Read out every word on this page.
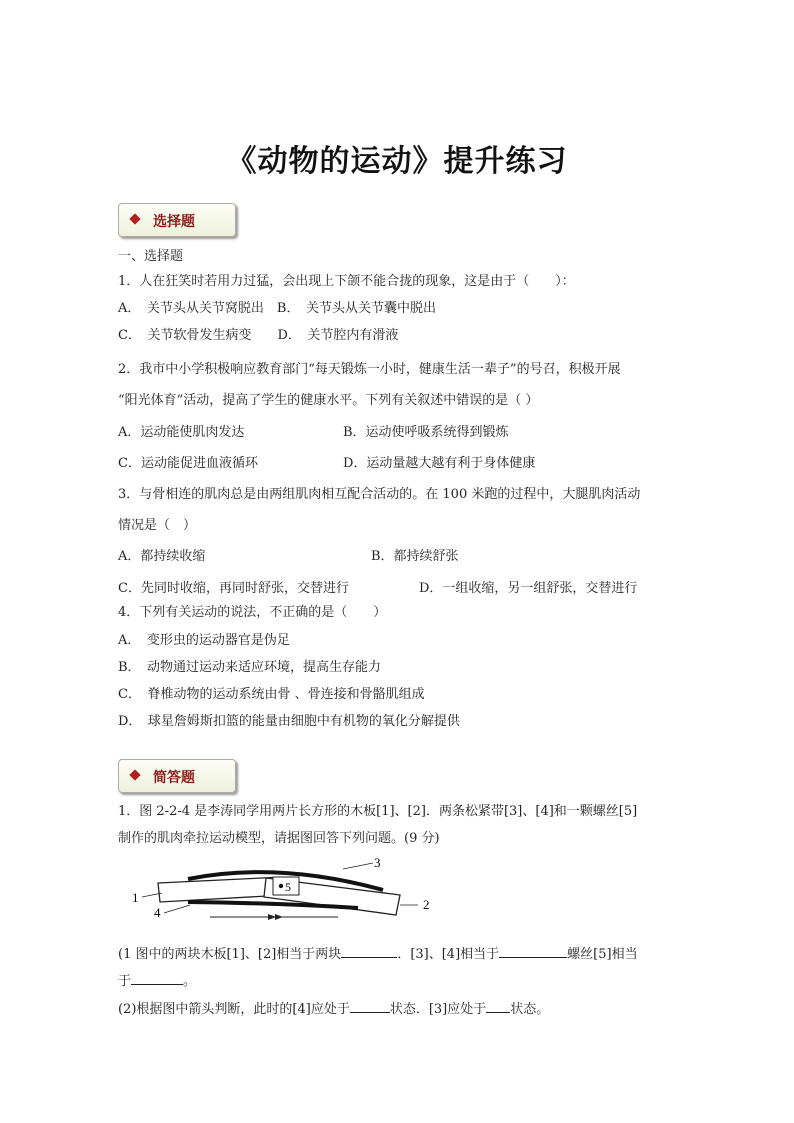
《动物的运动》提升练习
选择题
一、选择题
1．人在狂笑时若用力过猛，会出现上下颌不能合拢的现象，这是由于（　　）：
A．　关节头从关节窝脱出　B．　关节头从关节囊中脱出
C．　关节软骨发生病变　　D．　关节腔内有滑液
2．我市中小学积极响应教育部门“每天锻炼一小时，健康生活一辈子”的号召，积极开展
“阳光体育”活动，提高了学生的健康水平。下列有关叙述中错误的是（ ）
A．运动能使肌肉发达	B．运动使呼吸系统得到锻炼
C．运动能促进血液循环	D．运动量越大越有利于身体健康
3．与骨相连的肌肉总是由两组肌肉相互配合活动的。在 100 米跑的过程中，大腿肌肉活动
情况是（　）
A．都持续收缩	B．都持续舒张
C．先同时收缩，再同时舒张，交替进行	D．一组收缩，另一组舒张，交替进行
4．下列有关运动的说法，不正确的是（　　）
A．　变形虫的运动器官是伪足
B．　动物通过运动来适应环境，提高生存能力
C．　脊椎动物的运动系统由骨 、骨连接和骨骼肌组成
D．　球星詹姆斯扣篮的能量由细胞中有机物的氧化分解提供
简答题
1．图 2-2-4 是李涛同学用两片长方形的木板[1]、[2]．两条松紧带[3]、[4]和一颗螺丝[5]
制作的肌肉牵拉运动模型，请据图回答下列问题。(9 分)
1	2
3
4
5
(1 图中的两块木板[1]、[2]相当于两块	．[3]、[4]相当于	螺丝[5]相当
于	。
(2)根据图中箭头判断，此时的[4]应处于	状态．[3]应处于 状态。
